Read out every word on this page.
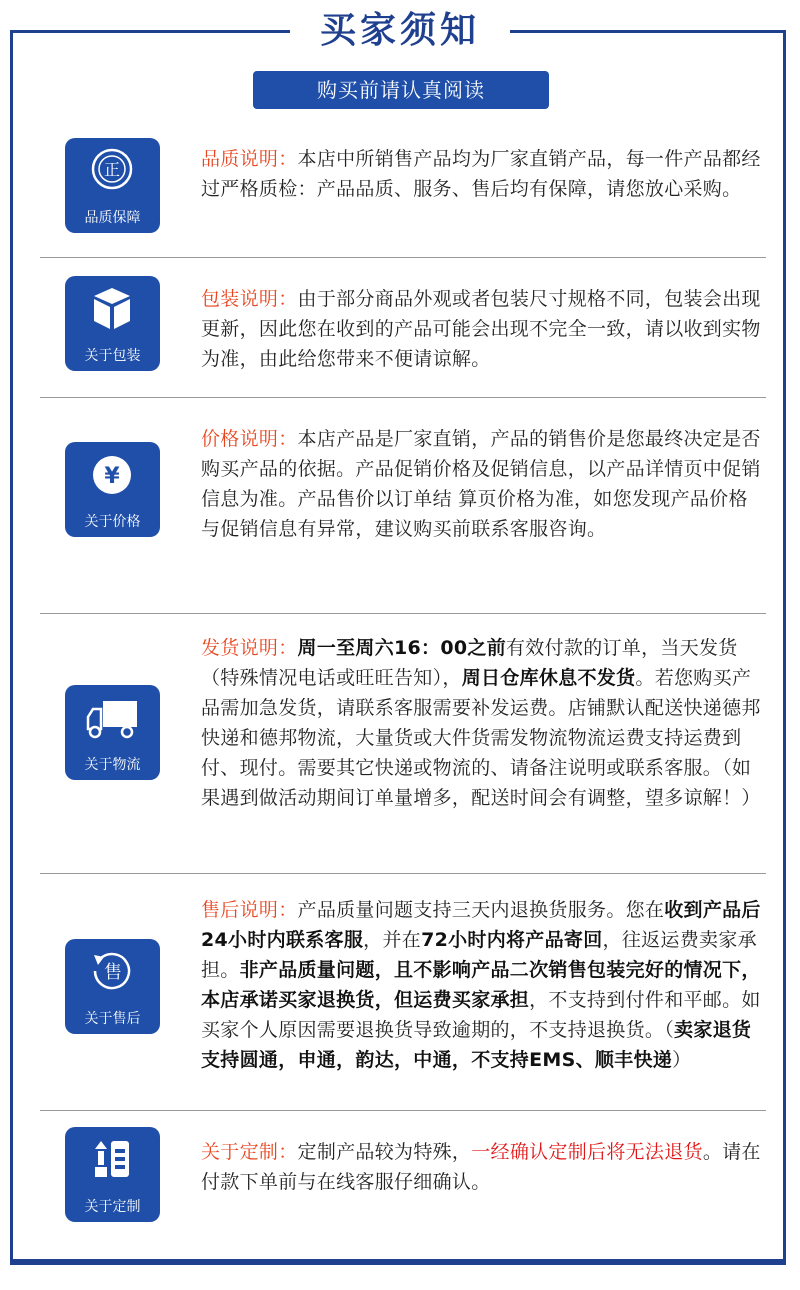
买家须知
购买前请认真阅读
正
品质保障
品质说明：本店中所销售产品均为厂家直销产品，每一件产品都经过严格质检：产品品质、服务、售后均有保障，请您放心采购。
关于包装
包装说明：由于部分商品外观或者包装尺寸规格不同，包装会出现更新，因此您在收到的产品可能会出现不完全一致，请以收到实物为准，由此给您带来不便请谅解。
¥
关于价格
价格说明：本店产品是厂家直销，产品的销售价是您最终决定是否购买产品的依据。产品促销价格及促销信息，以产品详情页中促销信息为准。产品售价以订单结 算页价格为准，如您发现产品价格与促销信息有异常，建议购买前联系客服咨询。
关于物流
发货说明：周一至周六16：00之前有效付款的订单，当天发货（特殊情况电话或旺旺告知），周日仓库休息不发货。若您购买产品需加急发货，请联系客服需要补发运费。店铺默认配送快递德邦快递和德邦物流，大量货或大件货需发物流物流运费支持运费到付、现付。需要其它快递或物流的、请备注说明或联系客服。（如果遇到做活动期间订单量增多，配送时间会有调整，望多谅解！）
售
关于售后
售后说明：产品质量问题支持三天内退换货服务。您在收到产品后24小时内联系客服，并在72小时内将产品寄回，往返运费卖家承担。非产品质量问题，且不影响产品二次销售包装完好的情况下，本店承诺买家退换货，但运费买家承担，不支持到付件和平邮。如买家个人原因需要退换货导致逾期的，不支持退换货。（卖家退货支持圆通，申通，韵达，中通，不支持EMS、顺丰快递）
关于定制
关于定制：定制产品较为特殊，一经确认定制后将无法退货。请在付款下单前与在线客服仔细确认。
